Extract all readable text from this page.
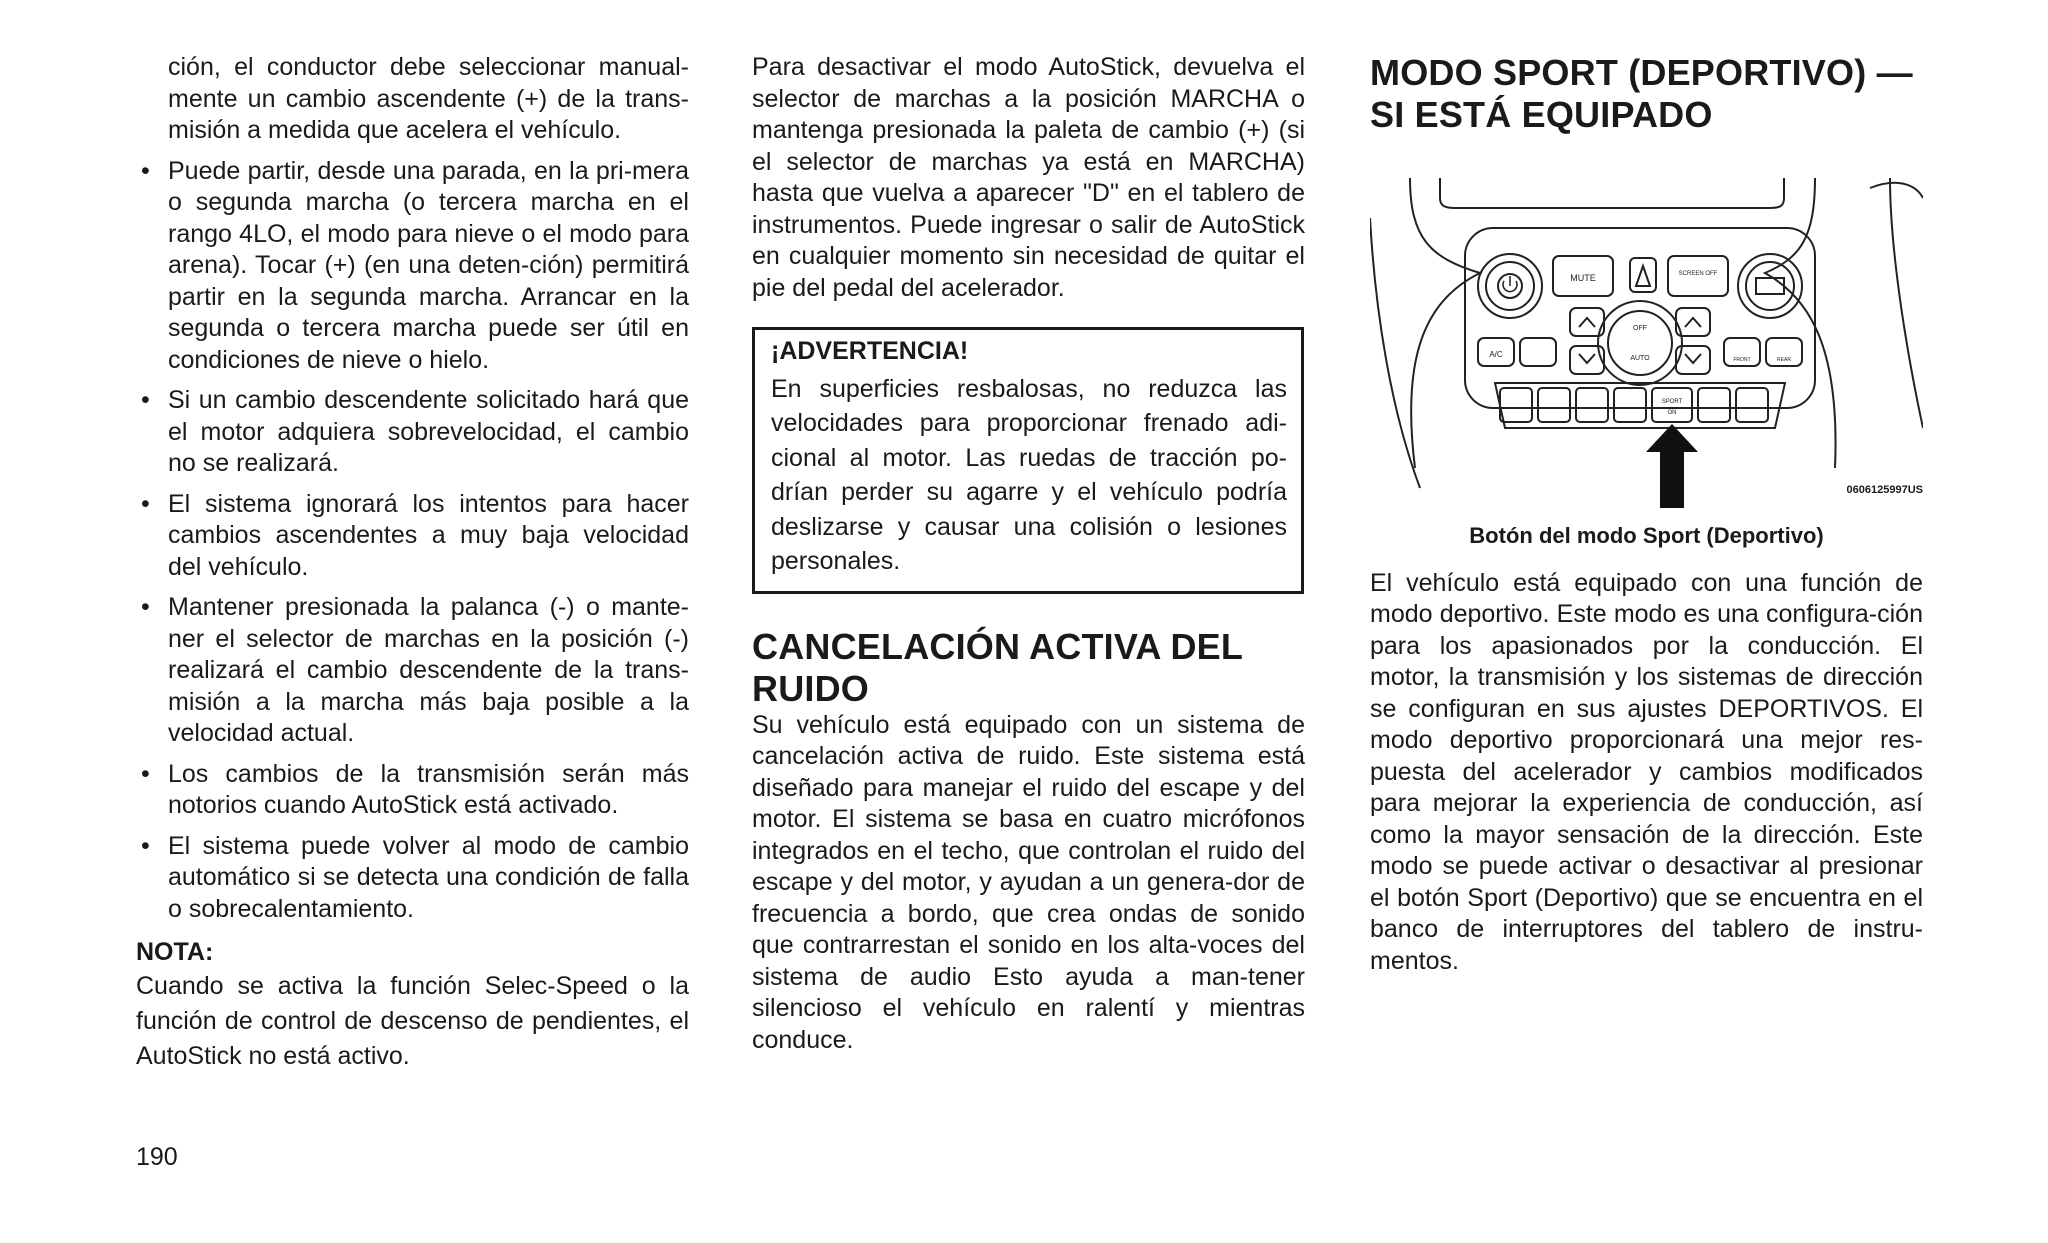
ción, el conductor debe seleccionar manual-mente un cambio ascendente (+) de la trans-misión a medida que acelera el vehículo.

• Puede partir, desde una parada, en la pri-mera o segunda marcha (o tercera marcha en el rango 4LO, el modo para nieve o el modo para arena). Tocar (+) (en una deten-ción) permitirá partir en la segunda marcha. Arrancar en la segunda o tercera marcha puede ser útil en condiciones de nieve o hielo.
• Si un cambio descendente solicitado hará que el motor adquiera sobrevelocidad, el cambio no se realizará.
• El sistema ignorará los intentos para hacer cambios ascendentes a muy baja velocidad del vehículo.
• Mantener presionada la palanca (-) o mante-ner el selector de marchas en la posición (-) realizará el cambio descendente de la trans-misión a la marcha más baja posible a la velocidad actual.
• Los cambios de la transmisión serán más notorios cuando AutoStick está activado.
• El sistema puede volver al modo de cambio automático si se detecta una condición de falla o sobrecalentamiento.
NOTA:

Cuando se activa la función Selec-Speed o la función de control de descenso de pendientes, el AutoStick no está activo.

Para desactivar el modo AutoStick, devuelva el selector de marchas a la posición MARCHA o mantenga presionada la paleta de cambio (+) (si el selector de marchas ya está en MARCHA) hasta que vuelva a aparecer "D" en el tablero de instrumentos. Puede ingresar o salir de AutoStick en cualquier momento sin necesidad de quitar el pie del pedal del acelerador.

¡ADVERTENCIA!

En superficies resbalosas, no reduzca las velocidades para proporcionar frenado adi-cional al motor. Las ruedas de tracción po-drían perder su agarre y el vehículo podría deslizarse y causar una colisión o lesiones personales.

CANCELACIÓN ACTIVA DEL RUIDO

Su vehículo está equipado con un sistema de cancelación activa de ruido. Este sistema está diseñado para manejar el ruido del escape y del motor. El sistema se basa en cuatro micrófonos integrados en el techo, que controlan el ruido del escape y del motor, y ayudan a un genera-dor de frecuencia a bordo, que crea ondas de sonido que contrarrestan el sonido en los alta-voces del sistema de audio Esto ayuda a man-tener silencioso el vehículo en ralentí y mientras conduce.

MODO SPORT (DEPORTIVO) — SI ESTÁ EQUIPADO
MUTE	SCREEN OFF
A/C	AUTO
OFF
FRONT	REAR
SPORT
ON
0606125997US
Botón del modo Sport (Deportivo)

El vehículo está equipado con una función de modo deportivo. Este modo es una configura-ción para los apasionados por la conducción. El motor, la transmisión y los sistemas de dirección se configuran en sus ajustes DEPORTIVOS. El modo deportivo proporcionará una mejor res-puesta del acelerador y cambios modificados para mejorar la experiencia de conducción, así como la mayor sensación de la dirección. Este modo se puede activar o desactivar al presionar el botón Sport (Deportivo) que se encuentra en el banco de interruptores del tablero de instru-mentos.

190
